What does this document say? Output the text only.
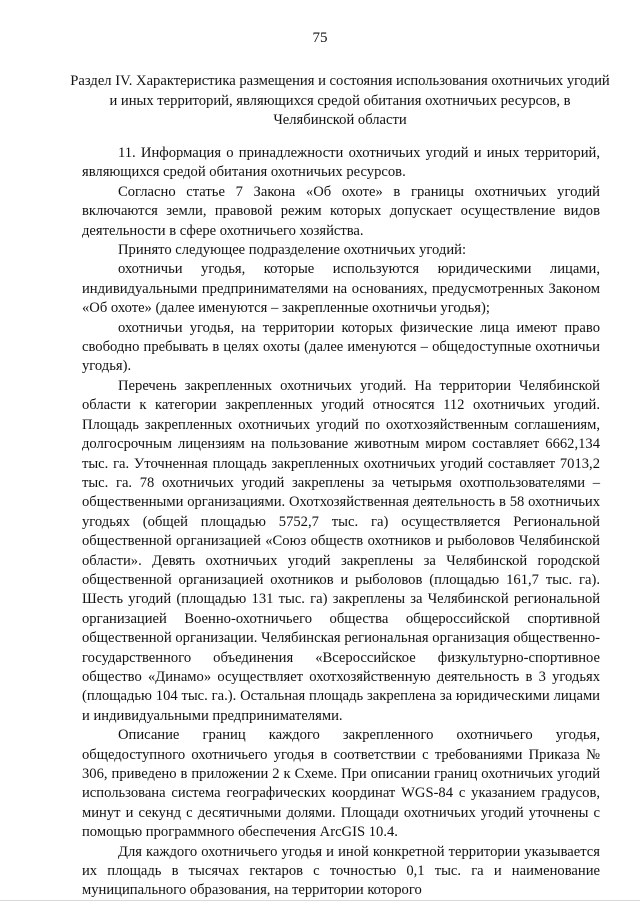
75
Раздел IV. Характеристика размещения и состояния использования охотничьих угодий и иных территорий, являющихся средой обитания охотничьих ресурсов, в Челябинской области

11. Информация о принадлежности охотничьих угодий и иных территорий, являющихся средой обитания охотничьих ресурсов.

Согласно статье 7 Закона «Об охоте» в границы охотничьих угодий включаются земли, правовой режим которых допускает осуществление видов деятельности в сфере охотничьего хозяйства.

Принято следующее подразделение охотничьих угодий:

охотничьи угодья, которые используются юридическими лицами, индивидуальными предпринимателями на основаниях, предусмотренных Законом «Об охоте» (далее именуются – закрепленные охотничьи угодья);

охотничьи угодья, на территории которых физические лица имеют право свободно пребывать в целях охоты (далее именуются – общедоступные охотничьи угодья).

Перечень закрепленных охотничьих угодий. На территории Челябинской области к категории закрепленных угодий относятся 112 охотничьих угодий. Площадь закрепленных охотничьих угодий по охотхозяйственным соглашениям, долгосрочным лицензиям на пользование животным миром составляет 6662,134 тыс. га. Уточненная площадь закрепленных охотничьих угодий составляет 7013,2 тыс. га. 78 охотничьих угодий закреплены за четырьмя охотпользователями – общественными организациями. Охотхозяйственная деятельность в 58 охотничьих угодьях (общей площадью 5752,7 тыс. га) осуществляется Региональной общественной организацией «Союз обществ охотников и рыболовов Челябинской области». Девять охотничьих угодий закреплены за Челябинской городской общественной организацией охотников и рыболовов (площадью 161,7 тыс. га). Шесть угодий (площадью 131 тыс. га) закреплены за Челябинской региональной организацией Военно-охотничьего общества общероссийской спортивной общественной организации. Челябинская региональная организация общественно-государственного объединения «Всероссийское физкультурно-спортивное общество «Динамо» осуществляет охотхозяйственную деятельность в 3 угодьях (площадью 104 тыс. га.). Остальная площадь закреплена за юридическими лицами и индивидуальными предпринимателями.

Описание границ каждого закрепленного охотничьего угодья, общедоступного охотничьего угодья в соответствии с требованиями Приказа № 306, приведено в приложении 2 к Схеме. При описании границ охотничьих угодий использована система географических координат WGS-84 с указанием градусов, минут и секунд с десятичными долями. Площади охотничьих угодий уточнены с помощью программного обеспечения ArcGIS 10.4.

Для каждого охотничьего угодья и иной конкретной территории указывается их площадь в тысячах гектаров с точностью 0,1 тыс. га и наименование муниципального образования, на территории которого
